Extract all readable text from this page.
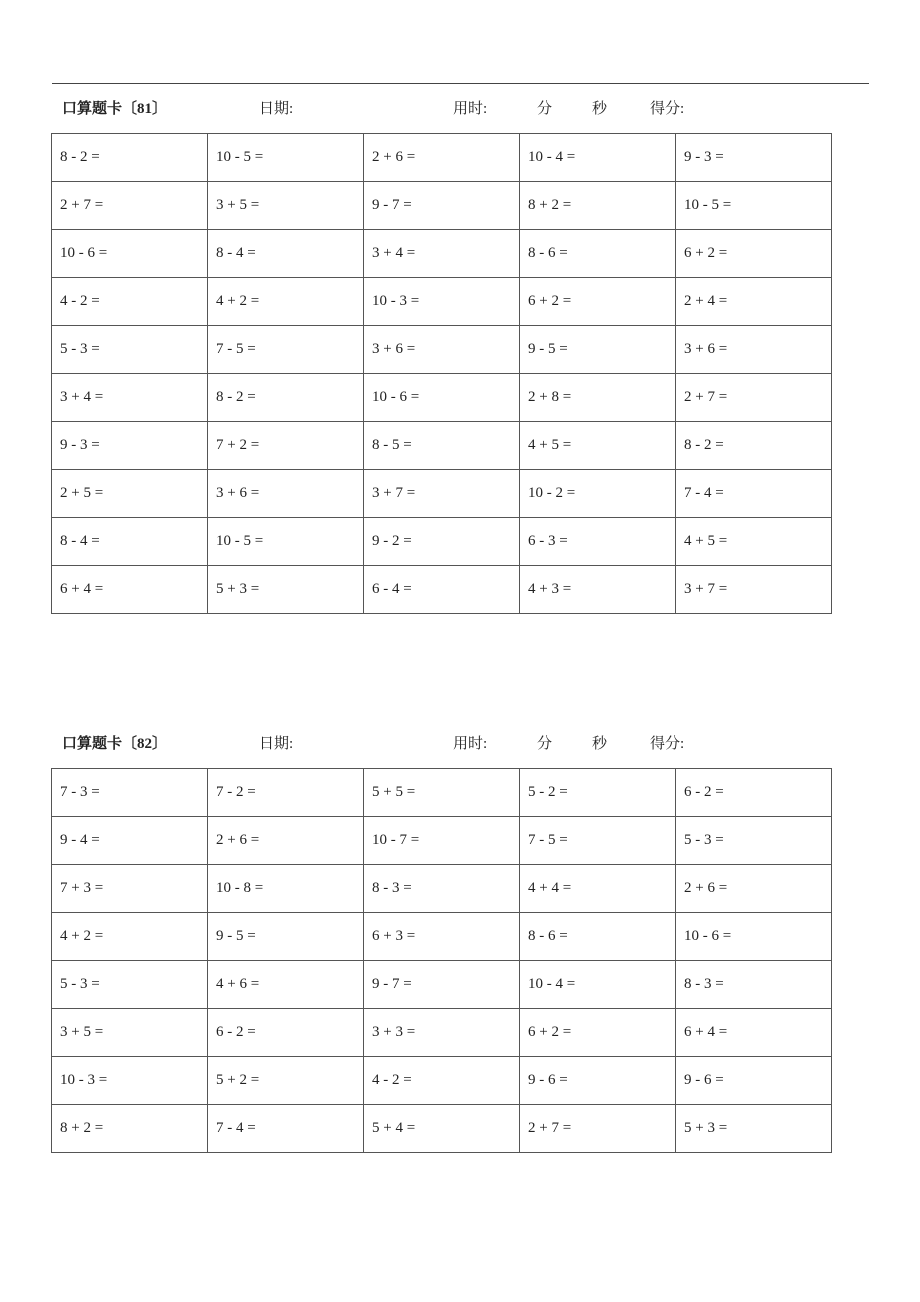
口算题卡〔81〕	日期:	用时:	分	秒	得分:
8 - 2 =	10 - 5 =	2 + 6 =	10 - 4 =	9 - 3 =
2 + 7 =	3 + 5 =	9 - 7 =	8 + 2 =	10 - 5 =
10 - 6 =	8 - 4 =	3 + 4 =	8 - 6 =	6 + 2 =
4 - 2 =	4 + 2 =	10 - 3 =	6 + 2 =	2 + 4 =
5 - 3 =	7 - 5 =	3 + 6 =	9 - 5 =	3 + 6 =
3 + 4 =	8 - 2 =	10 - 6 =	2 + 8 =	2 + 7 =
9 - 3 =	7 + 2 =	8 - 5 =	4 + 5 =	8 - 2 =
2 + 5 =	3 + 6 =	3 + 7 =	10 - 2 =	7 - 4 =
8 - 4 =	10 - 5 =	9 - 2 =	6 - 3 =	4 + 5 =
6 + 4 =	5 + 3 =	6 - 4 =	4 + 3 =	3 + 7 =
口算题卡〔82〕	日期:	用时:	分	秒	得分:
7 - 3 =	7 - 2 =	5 + 5 =	5 - 2 =	6 - 2 =
9 - 4 =	2 + 6 =	10 - 7 =	7 - 5 =	5 - 3 =
7 + 3 =	10 - 8 =	8 - 3 =	4 + 4 =	2 + 6 =
4 + 2 =	9 - 5 =	6 + 3 =	8 - 6 =	10 - 6 =
5 - 3 =	4 + 6 =	9 - 7 =	10 - 4 =	8 - 3 =
3 + 5 =	6 - 2 =	3 + 3 =	6 + 2 =	6 + 4 =
10 - 3 =	5 + 2 =	4 - 2 =	9 - 6 =	9 - 6 =
8 + 2 =	7 - 4 =	5 + 4 =	2 + 7 =	5 + 3 =
